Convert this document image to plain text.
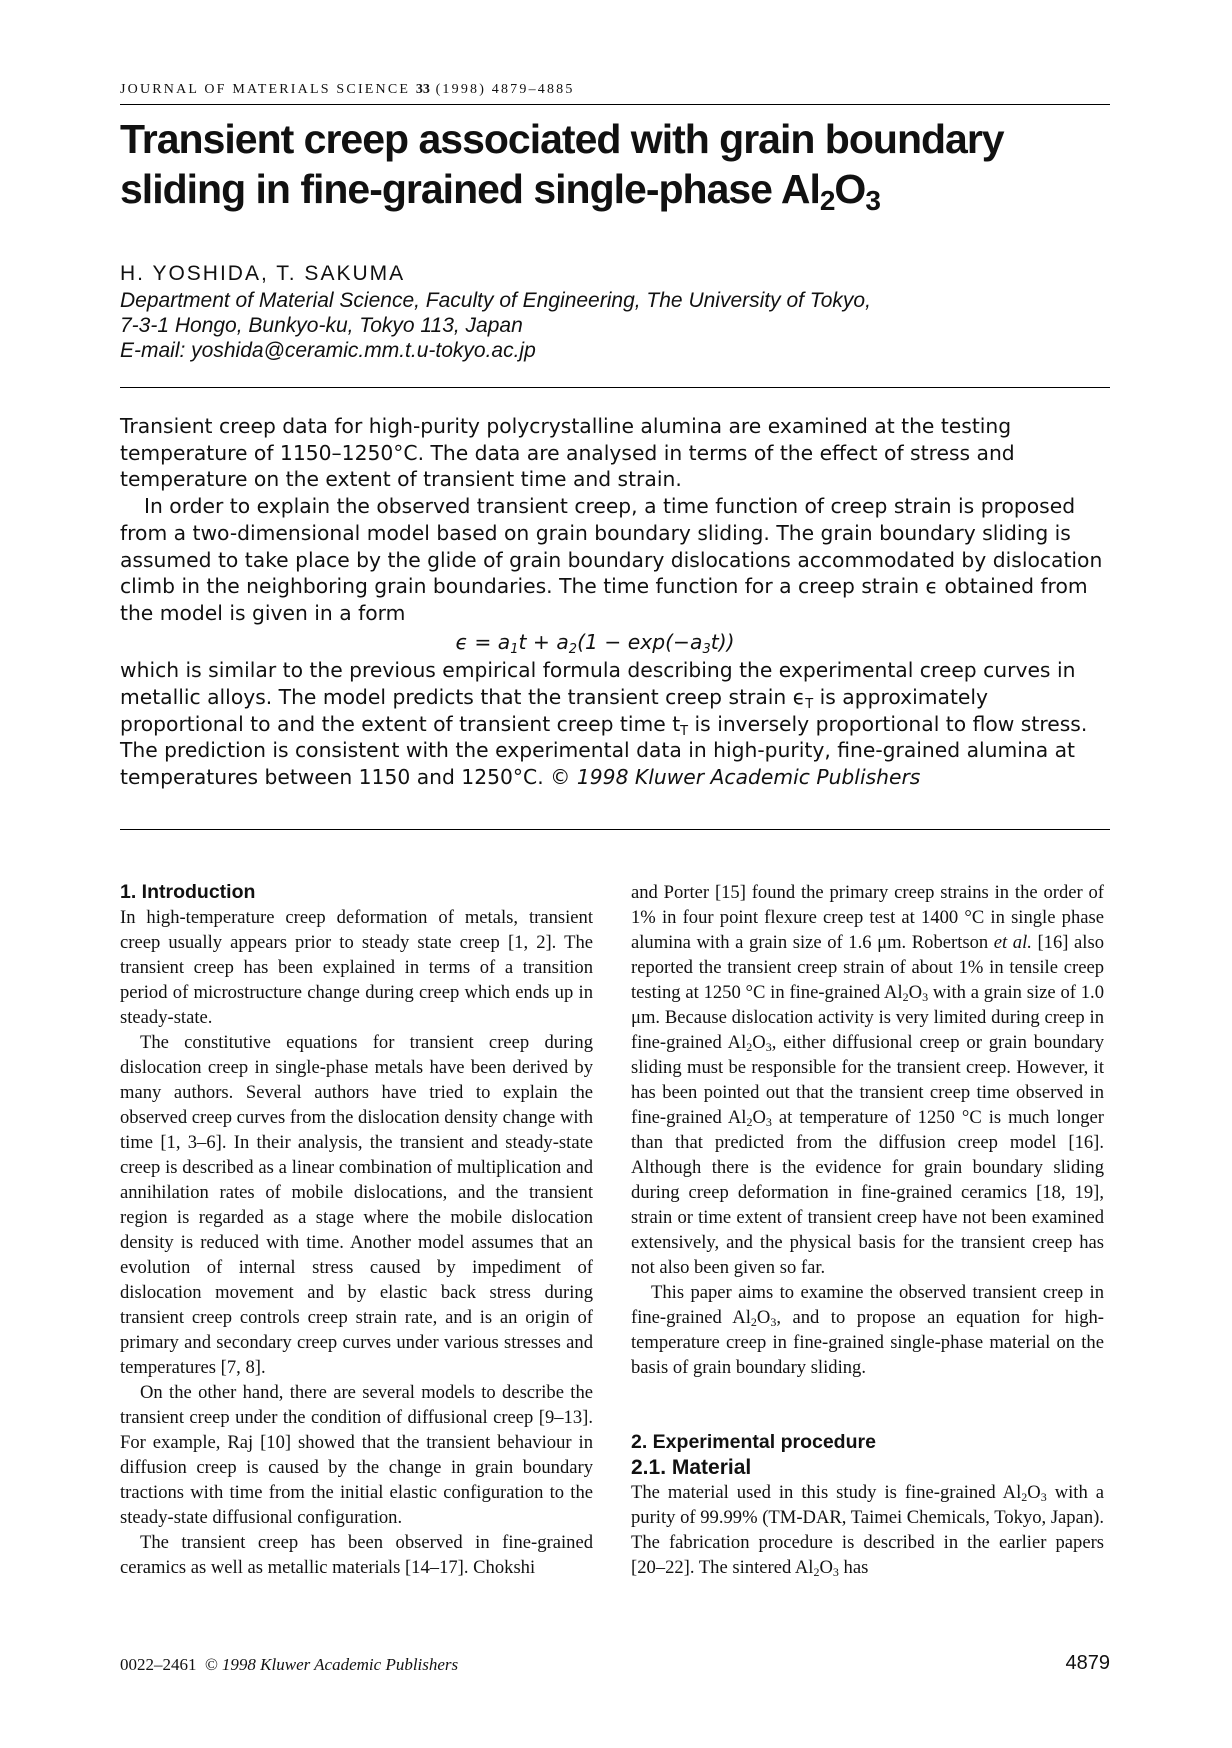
JOURNAL OF MATERIALS SCIENCE 33 (1998) 4879–4885
Transient creep associated with grain boundary
sliding in fine-grained single-phase $Al_2O_3$
H. YOSHIDA, T. SAKUMA
Department of Material Science, Faculty of Engineering, The University of Tokyo,
7-3-1 Hongo, Bunkyo-ku, Tokyo 113, Japan
E-mail: yoshida@ceramic.mm.t.u-tokyo.ac.jp

Transient creep data for high-purity polycrystalline alumina are examined at the testing temperature of 1150–1250°C. The data are analysed in terms of the effect of stress and temperature on the extent of transient time and strain.

In order to explain the observed transient creep, a time function of creep strain is proposed from a two-dimensional model based on grain boundary sliding. The grain boundary sliding is assumed to take place by the glide of grain boundary dislocations accommodated by dislocation climb in the neighboring grain boundaries. The time function for a creep strain ϵ obtained from the model is given in a form

$\epsilon = a_1t + a_2(1 - \exp(-a_3t))$

which is similar to the previous empirical formula describing the experimental creep curves in metallic alloys. The model predicts that the transient creep strain $\epsilon_T$ is approximately proportional to and the extent of transient creep time $t_T$ is inversely proportional to flow stress. The prediction is consistent with the experimental data in high-purity, fine-grained alumina at temperatures between 1150 and 1250°C. © 1998 Kluwer Academic Publishers

1. Introduction

In high-temperature creep deformation of metals, transient creep usually appears prior to steady state creep [1, 2]. The transient creep has been explained in terms of a transition period of microstructure change during creep which ends up in steady-state.

The constitutive equations for transient creep during dislocation creep in single-phase metals have been derived by many authors. Several authors have tried to explain the observed creep curves from the dislocation density change with time [1, 3–6]. In their analysis, the transient and steady-state creep is described as a linear combination of multiplication and annihilation rates of mobile dislocations, and the transient region is regarded as a stage where the mobile dislocation density is reduced with time. Another model assumes that an evolution of internal stress caused by impediment of dislocation movement and by elastic back stress during transient creep controls creep strain rate, and is an origin of primary and secondary creep curves under various stresses and temperatures [7, 8].

On the other hand, there are several models to describe the transient creep under the condition of diffusional creep [9–13]. For example, Raj [10] showed that the transient behaviour in diffusion creep is caused by the change in grain boundary tractions with time from the initial elastic configuration to the steady-state diffusional configuration.

The transient creep has been observed in fine-grained ceramics as well as metallic materials [14–17]. Chokshi

and Porter [15] found the primary creep strains in the order of 1% in four point flexure creep test at 1400 °C in single phase alumina with a grain size of 1.6 μm. Robertson et al. [16] also reported the transient creep strain of about 1% in tensile creep testing at 1250 °C in fine-grained $Al_2O_3$ with a grain size of 1.0 μm. Because dislocation activity is very limited during creep in fine-grained $Al_2O_3$, either diffusional creep or grain boundary sliding must be responsible for the transient creep. However, it has been pointed out that the transient creep time observed in fine-grained $Al_2O_3$ at temperature of 1250 °C is much longer than that predicted from the diffusion creep model [16]. Although there is the evidence for grain boundary sliding during creep deformation in fine-grained ceramics [18, 19], strain or time extent of transient creep have not been examined extensively, and the physical basis for the transient creep has not also been given so far.

This paper aims to examine the observed transient creep in fine-grained $Al_2O_3$, and to propose an equation for high-temperature creep in fine-grained single-phase material on the basis of grain boundary sliding.

2. Experimental procedure
2.1. Material

The material used in this study is fine-grained $Al_2O_3$ with a purity of 99.99% (TM-DAR, Taimei Chemicals, Tokyo, Japan). The fabrication procedure is described in the earlier papers [20–22]. The sintered $Al_2O_3$ has

0022–2461 © 1998 Kluwer Academic Publishers	4879
